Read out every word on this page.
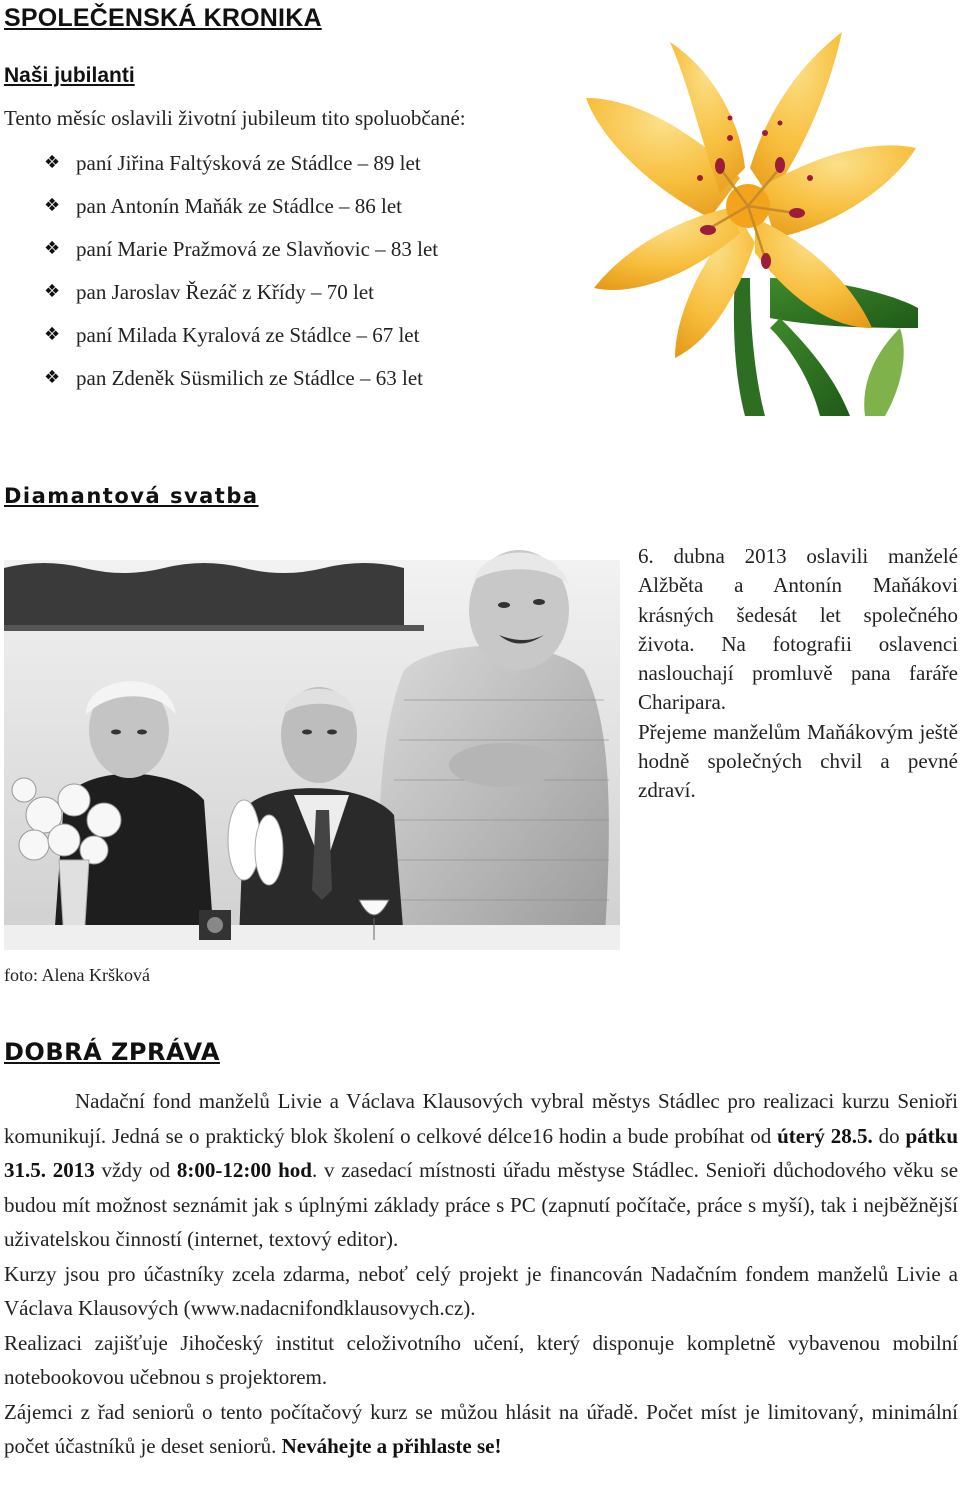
SPOLEČENSKÁ KRONIKA
Naši jubilanti
Tento měsíc oslavili životní jubileum tito spoluobčané:
❖ paní Jiřina Faltýsková ze Stádlce – 89 let
❖ pan Antonín Maňák ze Stádlce – 86 let
❖ paní Marie Pražmová ze Slavňovic – 83 let
❖ pan Jaroslav Řezáč z Křídy – 70 let
❖ paní Milada Kyralová ze Stádlce – 67 let
❖ pan Zdeněk Süsmilich ze Stádlce – 63 let
Diamantová svatba

6. dubna 2013 oslavili manželé Alžběta a Antonín Maňákovi krásných šedesát let společného života. Na fotografii oslavenci naslouchají promluvě pana faráře Charipara.

Přejeme manželům Maňákovým ještě hodně společných chvil a pevné zdraví.

foto: Alena Kršková
DOBRÁ ZPRÁVA

Nadační fond manželů Livie a Václava Klausových vybral městys Stádlec pro realizaci kurzu Senioři komunikují. Jedná se o praktický blok školení o celkové délce16 hodin a bude probíhat od úterý 28.5. do pátku 31.5. 2013 vždy od 8:00-12:00 hod. v zasedací místnosti úřadu městyse Stádlec. Senioři důchodového věku se budou mít možnost seznámit jak s úplnými základy práce s PC (zapnutí počítače, práce s myší), tak i nejběžnější uživatelskou činností (internet, textový editor).

Kurzy jsou pro účastníky zcela zdarma, neboť celý projekt je financován Nadačním fondem manželů Livie a Václava Klausových (www.nadacnifondklausovych.cz).

Realizaci zajišťuje Jihočeský institut celoživotního učení, který disponuje kompletně vybavenou mobilní notebookovou učebnou s projektorem.

Zájemci z řad seniorů o tento počítačový kurz se můžou hlásit na úřadě. Počet míst je limitovaný, minimální počet účastníků je deset seniorů. Neváhejte a přihlaste se!
